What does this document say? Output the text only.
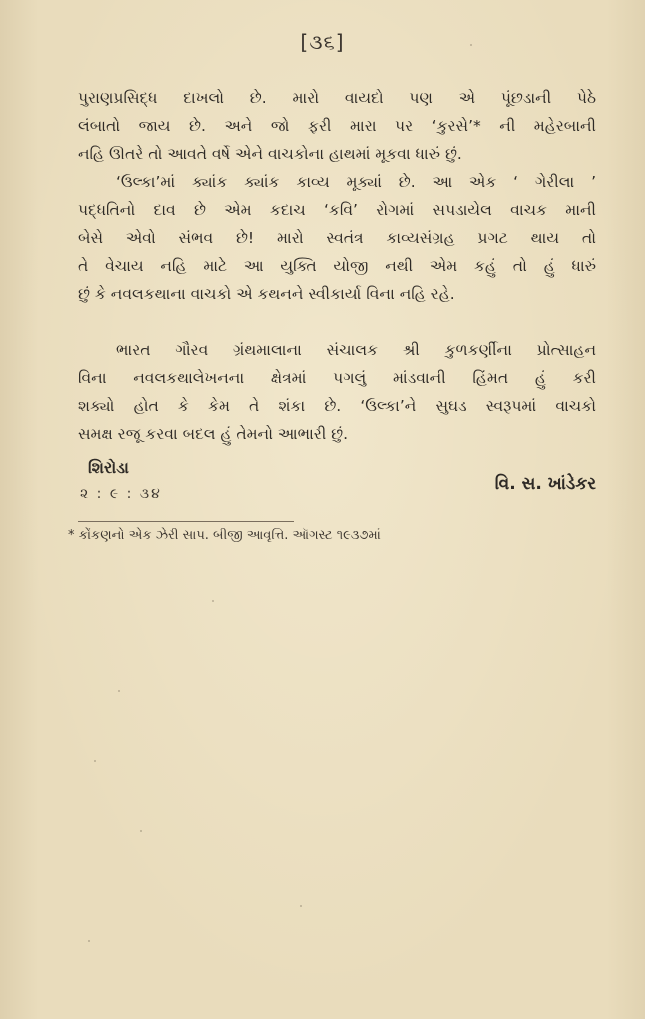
[૩૬]
પુરાણપ્રસિદ્ધ દાખલો છે. મારો વાયદો પણ એ પૂંછડાની પેઠે
લંબાતો જાય છે. અને જો ફરી મારા પર ‘કુરસે’* ની મહેરબાની
નહિ ઊતરે તો આવતે વર્ષે એને વાચકોના હાથમાં મૂકવા ધારું છું.
‘ઉલ્કા’માં ક્યાંક ક્યાંક કાવ્ય મૂક્યાં છે. આ એક ‘ ગેરીલા ’
પદ્ધતિનો દાવ છે એમ કદાચ ‘કવિ’ રોગમાં સપડાયેલ વાચક માની
બેસે એવો સંભવ છે! મારો સ્વતંત્ર કાવ્યસંગ્રહ પ્રગટ થાય તો
તે વેચાય નહિ માટે આ યુક્તિ યોજી નથી એમ કહું તો હું ધારું
છું કે નવલકથાના વાચકો એ કથનને સ્વીકાર્યા વિના નહિ રહે.
ભારત ગૌરવ ગ્રંથમાલાના સંચાલક શ્રી કુળકર્ણીના પ્રોત્સાહન
વિના નવલકથાલેખનના ક્ષેત્રમાં પગલું માંડવાની હિંમત હું કરી
શક્યો હોત કે કેમ તે શંકા છે. ‘ઉલ્કા’ને સુઘડ સ્વરૂપમાં વાચકો
સમક્ષ રજૂ કરવા બદલ હું તેમનો આભારી છું.
શિરોડા
૨ : ૯ : ૩૪	વિ. સ. ખાંડેકર
* કોંકણનો એક ઝેરી સાપ. બીજી આવૃત્તિ. ઑગસ્ટ ૧૯૩૭માં
